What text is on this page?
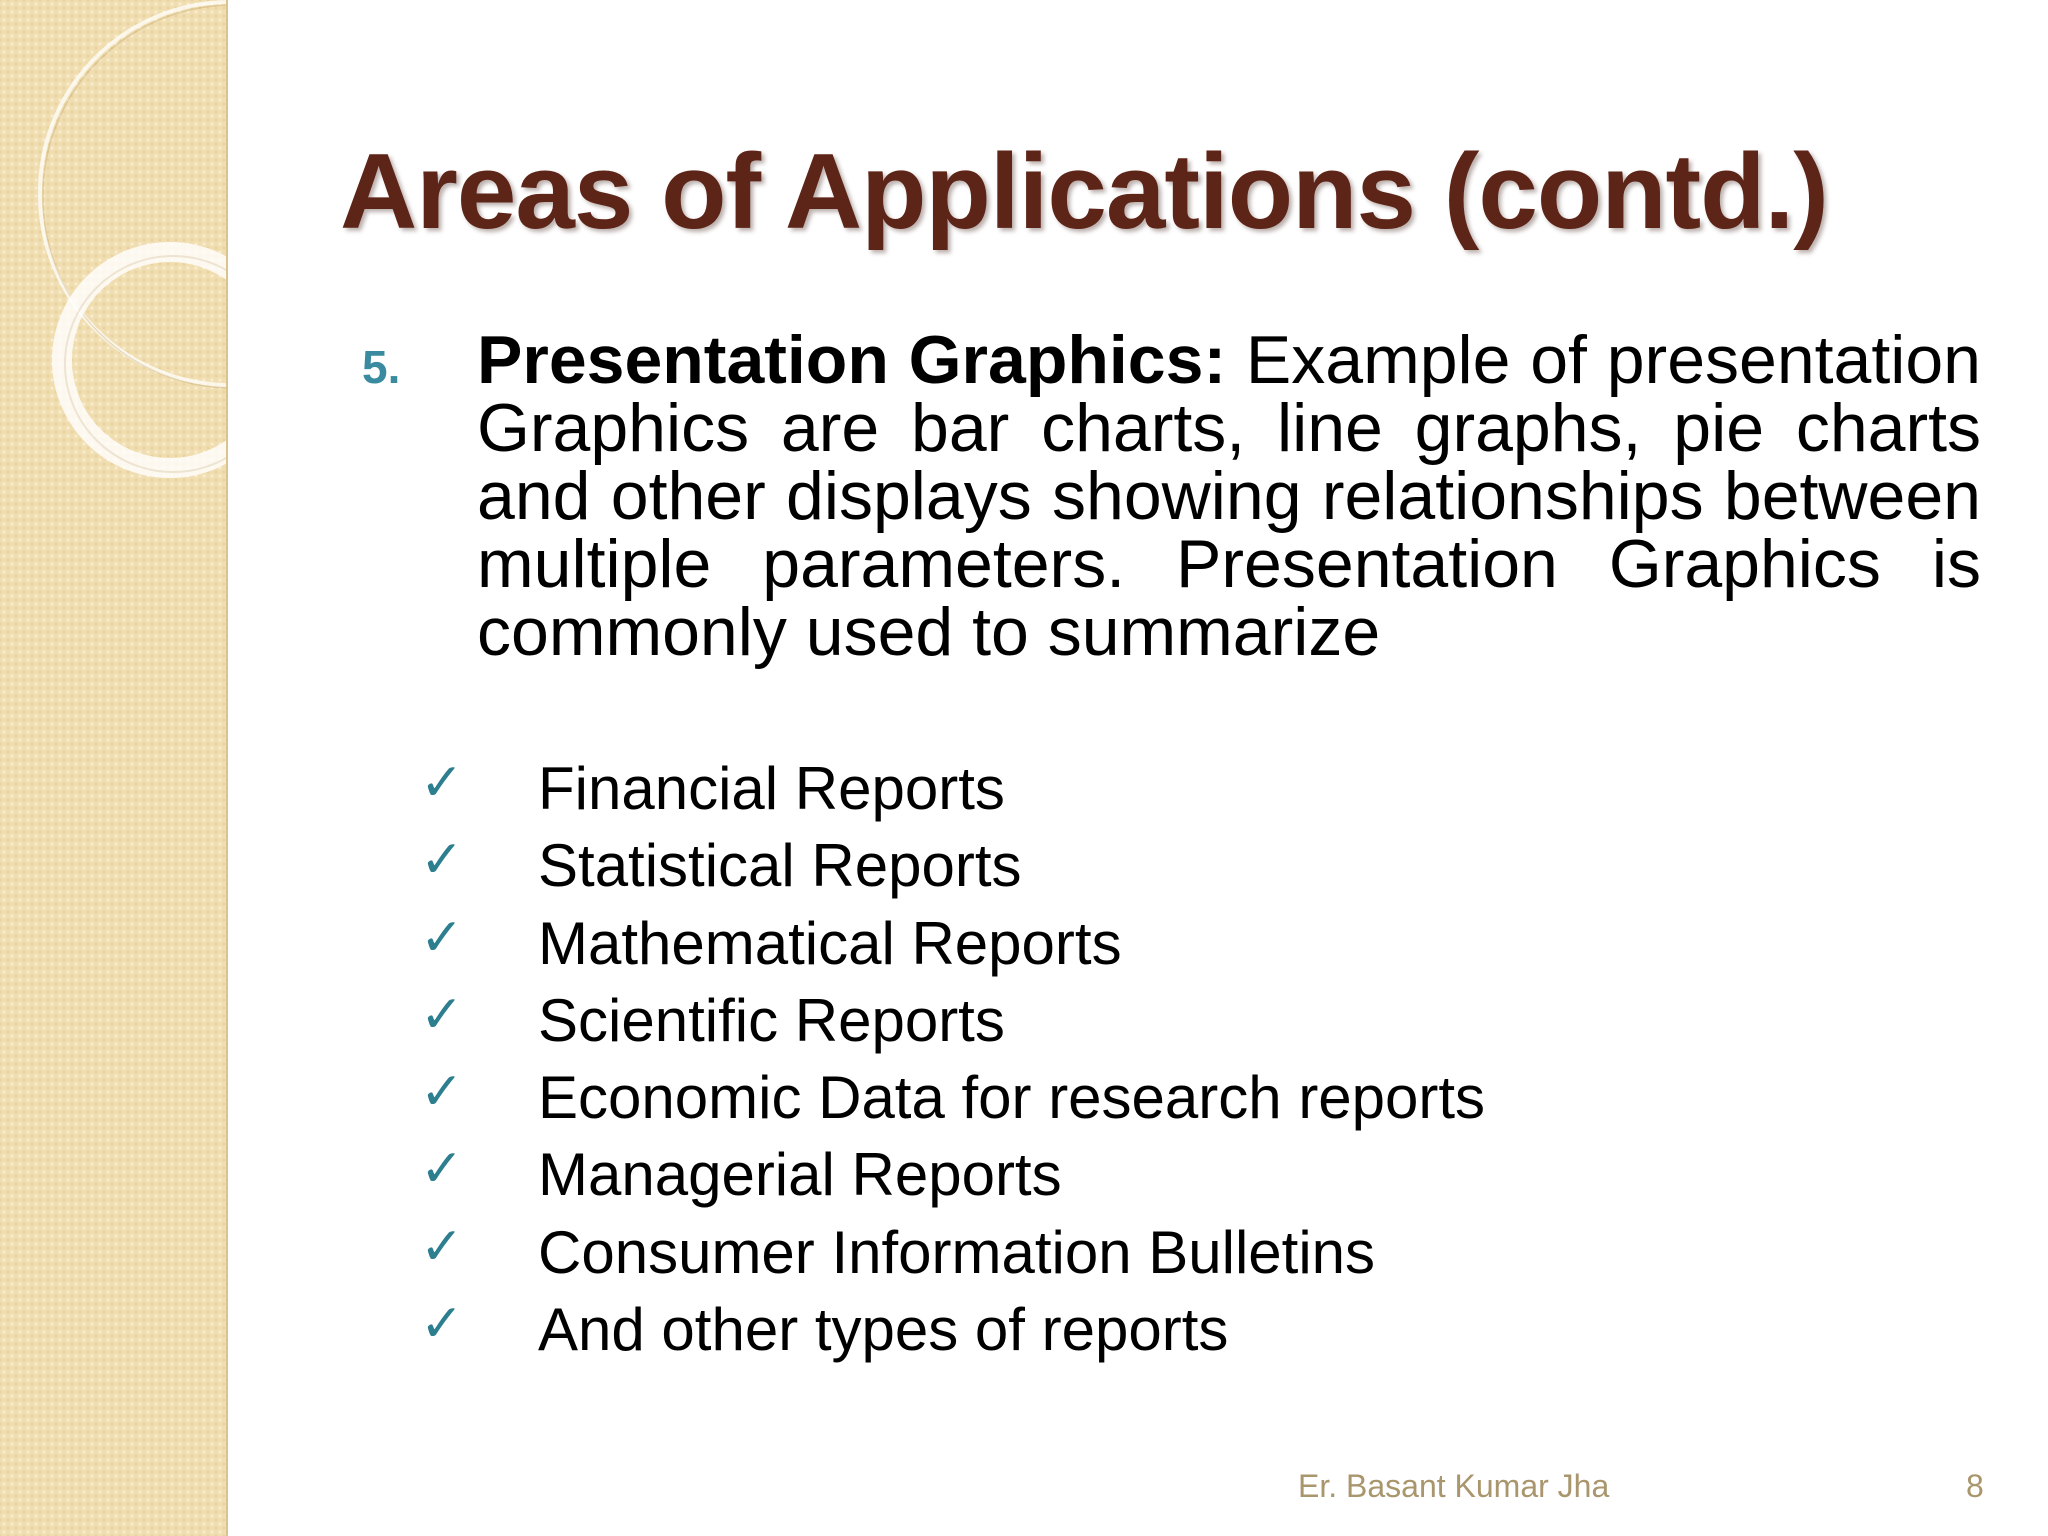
Areas of Applications (contd.)
5. Presentation Graphics: Example of presentation Graphics are bar charts, line graphs, pie charts and other displays showing relationships between multiple parameters. Presentation Graphics is commonly used to summarize

✓ Financial Reports
✓ Statistical Reports
✓ Mathematical Reports
✓ Scientific Reports
✓ Economic Data for research reports
✓ Managerial Reports
✓ Consumer Information Bulletins
✓ And other types of reports
Er. Basant Kumar Jha	8
